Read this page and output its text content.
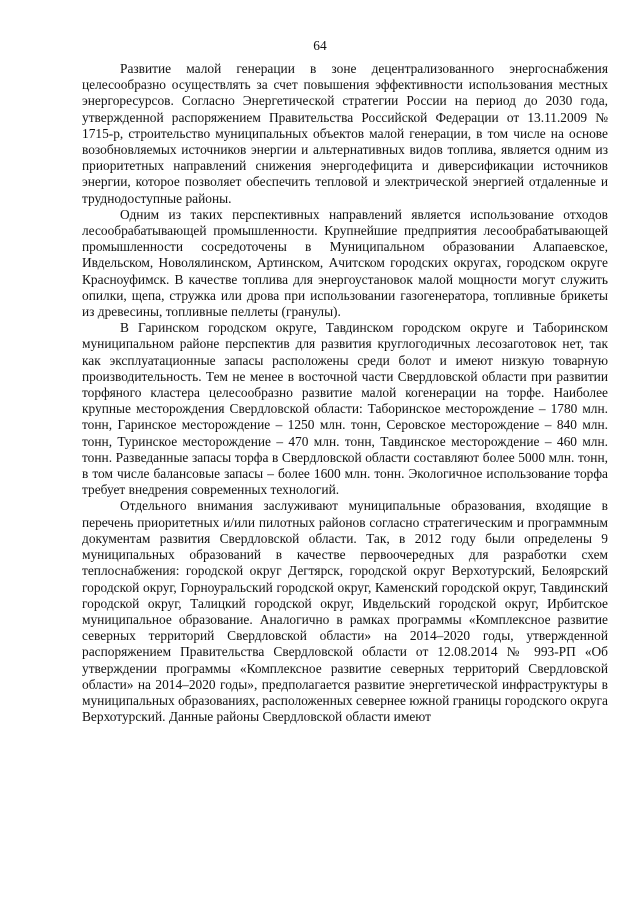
64

Развитие малой генерации в зоне децентрализованного энергоснабжения целесообразно осуществлять за счет повышения эффективности использования местных энергоресурсов. Согласно Энергетической стратегии России на период до 2030 года, утвержденной распоряжением Правительства Российской Федерации от 13.11.2009 № 1715-р, строительство муниципальных объектов малой генерации, в том числе на основе возобновляемых источников энергии и альтернативных видов топлива, является одним из приоритетных направлений снижения энергодефицита и диверсификации источников энергии, которое позволяет обеспечить тепловой и электрической энергией отдаленные и труднодоступные районы.

Одним из таких перспективных направлений является использование отходов лесообрабатывающей промышленности. Крупнейшие предприятия лесообрабатывающей промышленности сосредоточены в Муниципальном образовании Алапаевское, Ивдельском, Новолялинском, Артинском, Ачитском городских округах, городском округе Красноуфимск. В качестве топлива для энергоустановок малой мощности могут служить опилки, щепа, стружка или дрова при использовании газогенератора, топливные брикеты из древесины, топливные пеллеты (гранулы).

В Гаринском городском округе, Тавдинском городском округе и Таборинском муниципальном районе перспектив для развития круглогодичных лесозаготовок нет, так как эксплуатационные запасы расположены среди болот и имеют низкую товарную производительность. Тем не менее в восточной части Свердловской области при развитии торфяного кластера целесообразно развитие малой когенерации на торфе. Наиболее крупные месторождения Свердловской области: Таборинское месторождение – 1780 млн. тонн, Гаринское месторождение – 1250 млн. тонн, Серовское месторождение – 840 млн. тонн, Туринское месторождение – 470 млн. тонн, Тавдинское месторождение – 460 млн. тонн. Разведанные запасы торфа в Свердловской области составляют более 5000 млн. тонн, в том числе балансовые запасы – более 1600 млн. тонн. Экологичное использование торфа требует внедрения современных технологий.

Отдельного внимания заслуживают муниципальные образования, входящие в перечень приоритетных и/или пилотных районов согласно стратегическим и программным документам развития Свердловской области. Так, в 2012 году были определены 9 муниципальных образований в качестве первоочередных для разработки схем теплоснабжения: городской округ Дегтярск, городской округ Верхотурский, Белоярский городской округ, Горноуральский городской округ, Каменский городской округ, Тавдинский городской округ, Талицкий городской округ, Ивдельский городской округ, Ирбитское муниципальное образование. Аналогично в рамках программы «Комплексное развитие северных территорий Свердловской области» на 2014–2020 годы, утвержденной распоряжением Правительства Свердловской области от 12.08.2014 № 993-РП «Об утверждении программы «Комплексное развитие северных территорий Свердловской области» на 2014–2020 годы», предполагается развитие энергетической инфраструктуры в муниципальных образованиях, расположенных севернее южной границы городского округа Верхотурский. Данные районы Свердловской области имеют
